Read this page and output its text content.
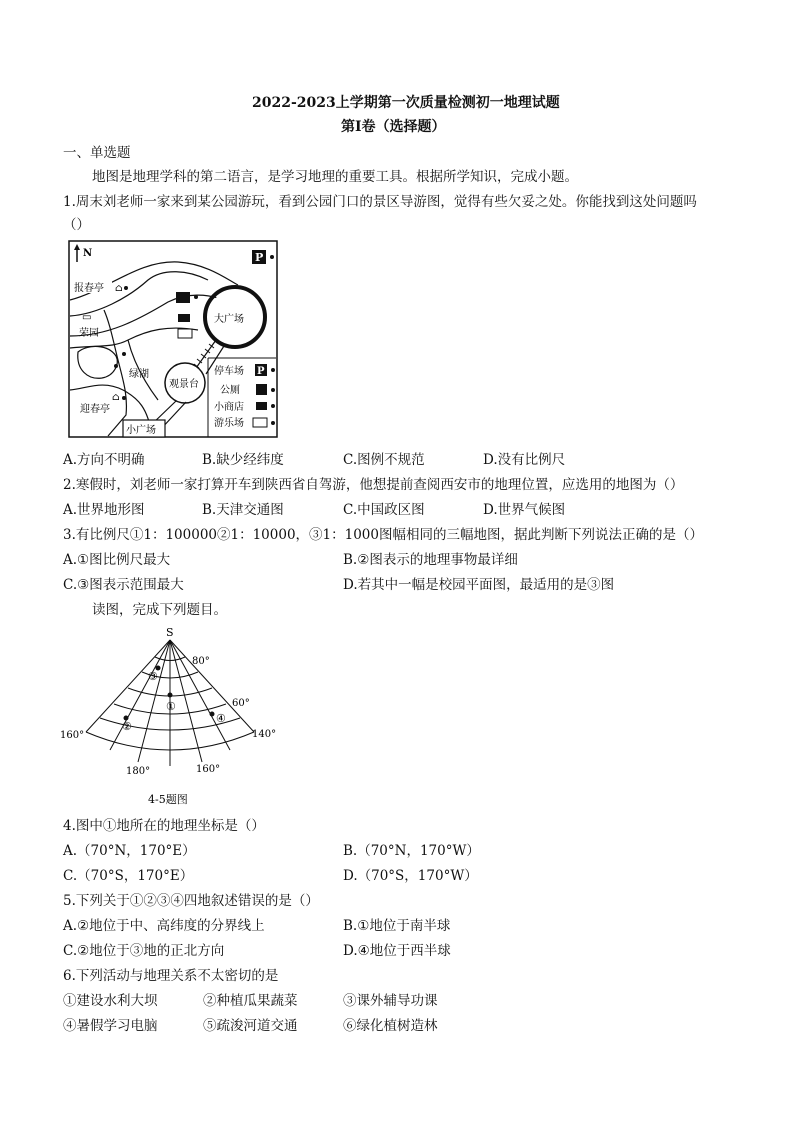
2022-2023上学期第一次质量检测初一地理试题
第I卷（选择题）
一、单选题
地图是地理学科的第二语言，是学习地理的重要工具。根据所学知识，完成小题。
1.周末刘老师一家来到某公园游玩，看到公园门口的景区导游图，觉得有些欠妥之处。你能找到这处问题吗
（）
N	P
大广场
观景台
小广场
报春亭 ⌂
▭
荣园
绿湖
⌂
迎春亭
停车场 P
公厕
小商店
游乐场
A.方向不明确	B.缺少经纬度	C.图例不规范	D.没有比例尺
2.寒假时，刘老师一家打算开车到陕西省自驾游，他想提前查阅西安市的地理位置，应选用的地图为（）
A.世界地形图	B.天津交通图	C.中国政区图	D.世界气候图
3.有比例尺①1：100000②1：10000，③1：1000图幅相同的三幅地图，据此判断下列说法正确的是（）
A.①图比例尺最大	B.②图表示的地理事物最详细
C.③图表示范围最大	D.若其中一幅是校园平面图，最适用的是③图
读图，完成下列题目。
S
①
②
③
④
80°
60°
160°	140°
180°	160°
4-5题图
4.图中①地所在的地理坐标是（）
A.（70°N，170°E）	B.（70°N，170°W）
C.（70°S，170°E）	D.（70°S，170°W）
5.下列关于①②③④四地叙述错误的是（）
A.②地位于中、高纬度的分界线上	B.①地位于南半球
C.②地位于③地的正北方向	D.④地位于西半球
6.下列活动与地理关系不太密切的是
①建设水利大坝	②种植瓜果蔬菜	③课外辅导功课
④暑假学习电脑	⑤疏浚河道交通	⑥绿化植树造林
